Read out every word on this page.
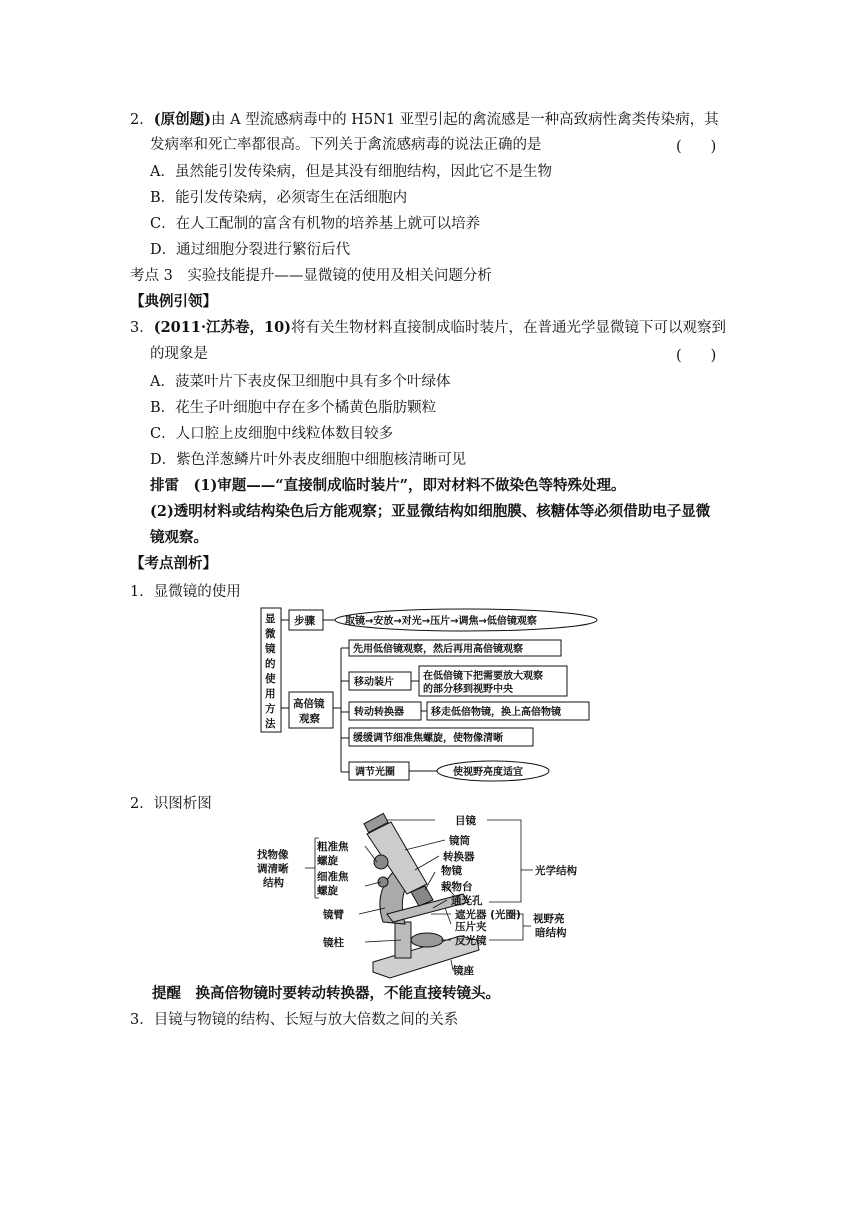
2．(原创题)由 A 型流感病毒中的 H5N1 亚型引起的禽流感是一种高致病性禽类传染病，其
发病率和死亡率都很高。下列关于禽流感病毒的说法正确的是	(　　)
A．虽然能引发传染病，但是其没有细胞结构，因此它不是生物
B．能引发传染病，必须寄生在活细胞内
C．在人工配制的富含有机物的培养基上就可以培养
D．通过细胞分裂进行繁衍后代
考点 3　实验技能提升——显微镜的使用及相关问题分析
【典例引领】
3．(2011·江苏卷，10)将有关生物材料直接制成临时装片，在普通光学显微镜下可以观察到
的现象是	(　　)
A．菠菜叶片下表皮保卫细胞中具有多个叶绿体
B．花生子叶细胞中存在多个橘黄色脂肪颗粒
C．人口腔上皮细胞中线粒体数目较多
D．紫色洋葱鳞片叶外表皮细胞中细胞核清晰可见
排雷　 (1)审题——“直接制成临时装片”，即对材料不做染色等特殊处理。
(2)透明材料或结构染色后方能观察；亚显微结构如细胞膜、核糖体等必须借助电子显微
镜观察。
【考点剖析】
1．显微镜的使用
显
微
镜
的
使
用
方
法
步骤	取镜→安放→对光→压片→调焦→低倍镜观察
高倍镜
观察
先用低倍镜观察，然后再用高倍镜观察
移动装片
在低倍镜下把需要放大观察
的部分移到视野中央
转动转换器	移走低倍物镜，换上高倍物镜
缓缓调节细准焦螺旋，使物像清晰
调节光圈	使视野亮度适宜
2．识图析图
找物像
调清晰
结构
粗准焦
螺旋
细准焦
螺旋
镜臂
镜柱
目镜
镜筒
转换器
物镜
载物台
通光孔
遮光器 (光圈)
压片夹
反光镜
镜座
光学结构
视野亮
暗结构
提醒　 换高倍物镜时要转动转换器，不能直接转镜头。
3．目镜与物镜的结构、长短与放大倍数之间的关系
